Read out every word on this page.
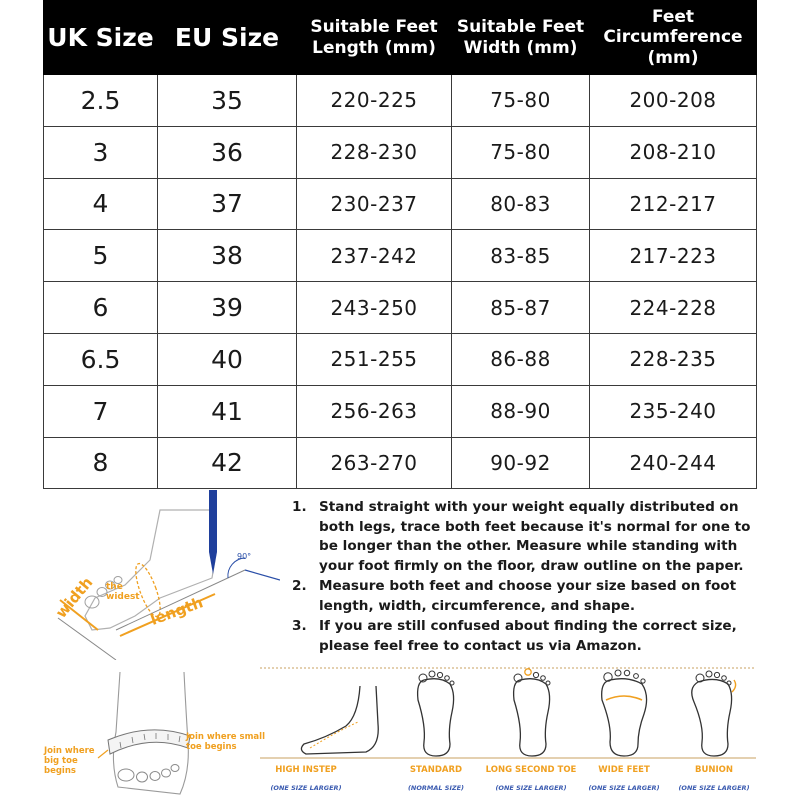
UK Size	EU Size	Suitable Feet Length (mm)	Suitable Feet Width (mm)	Feet Circumference (mm)
2.5	35	220-225	75-80	200-208
3	36	228-230	75-80	208-210
4	37	230-237	80-83	212-217
5	38	237-242	83-85	217-223
6	39	243-250	85-87	224-228
6.5	40	251-255	86-88	228-235
7	41	256-263	88-90	235-240
8	42	263-270	90-92	240-244
90°
the widest
width	length
1. Stand straight with your weight equally distributed on both legs, trace both feet because it's normal for one to be longer than the other. Measure while standing with your foot firmly on the floor, draw outline on the paper.
2. Measure both feet and choose your size based on foot length, width, circumference, and shape.
3. If you are still confused about finding the correct size, please feel free to contact us via Amazon.
Join where big toe begins
Join where small toe begins
HIGH INSTEP
(ONE SIZE LARGER)
STANDARD
(NORMAL SIZE)
LONG SECOND TOE
(ONE SIZE LARGER)
WIDE FEET
(ONE SIZE LARGER)
BUNION
(ONE SIZE LARGER)
